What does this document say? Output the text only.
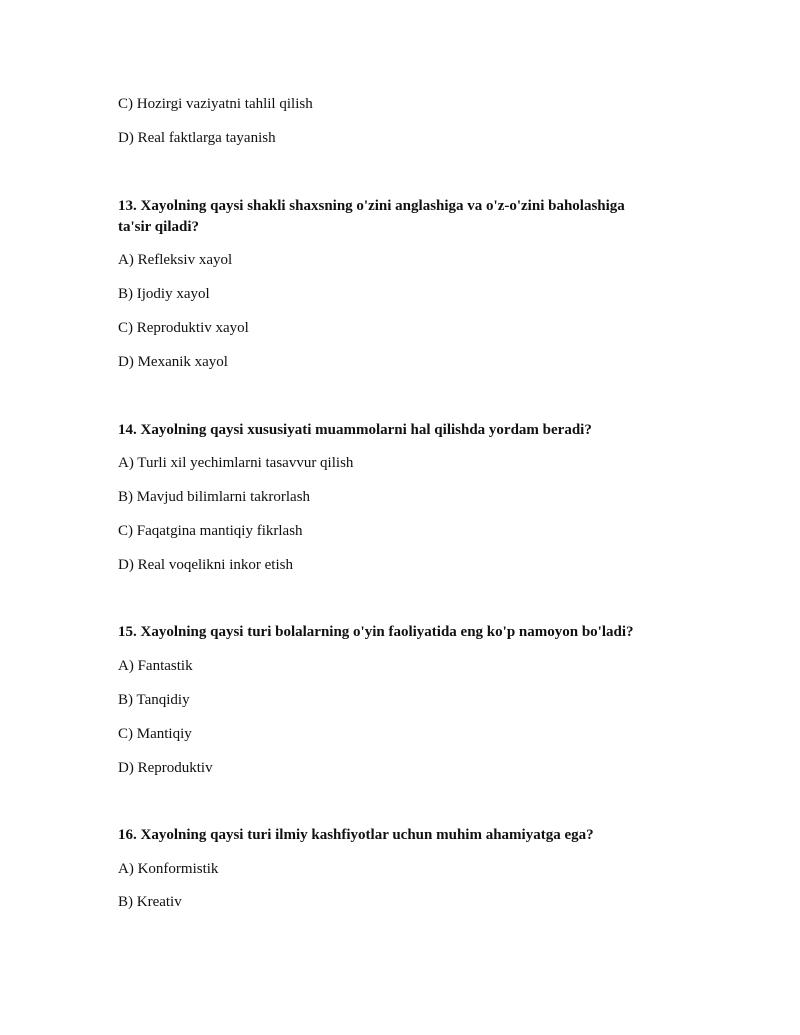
C) Hozirgi vaziyatni tahlil qilish
D) Real faktlarga tayanish
13. Xayolning qaysi shakli shaxsning o'zini anglashiga va o'z-o'zini baholashiga
ta'sir qiladi?
A) Refleksiv xayol
B) Ijodiy xayol
C) Reproduktiv xayol
D) Mexanik xayol
14. Xayolning qaysi xususiyati muammolarni hal qilishda yordam beradi?
A) Turli xil yechimlarni tasavvur qilish
B) Mavjud bilimlarni takrorlash
C) Faqatgina mantiqiy fikrlash
D) Real voqelikni inkor etish
15. Xayolning qaysi turi bolalarning o'yin faoliyatida eng ko'p namoyon bo'ladi?
A) Fantastik
B) Tanqidiy
C) Mantiqiy
D) Reproduktiv
16. Xayolning qaysi turi ilmiy kashfiyotlar uchun muhim ahamiyatga ega?
A) Konformistik
B) Kreativ
